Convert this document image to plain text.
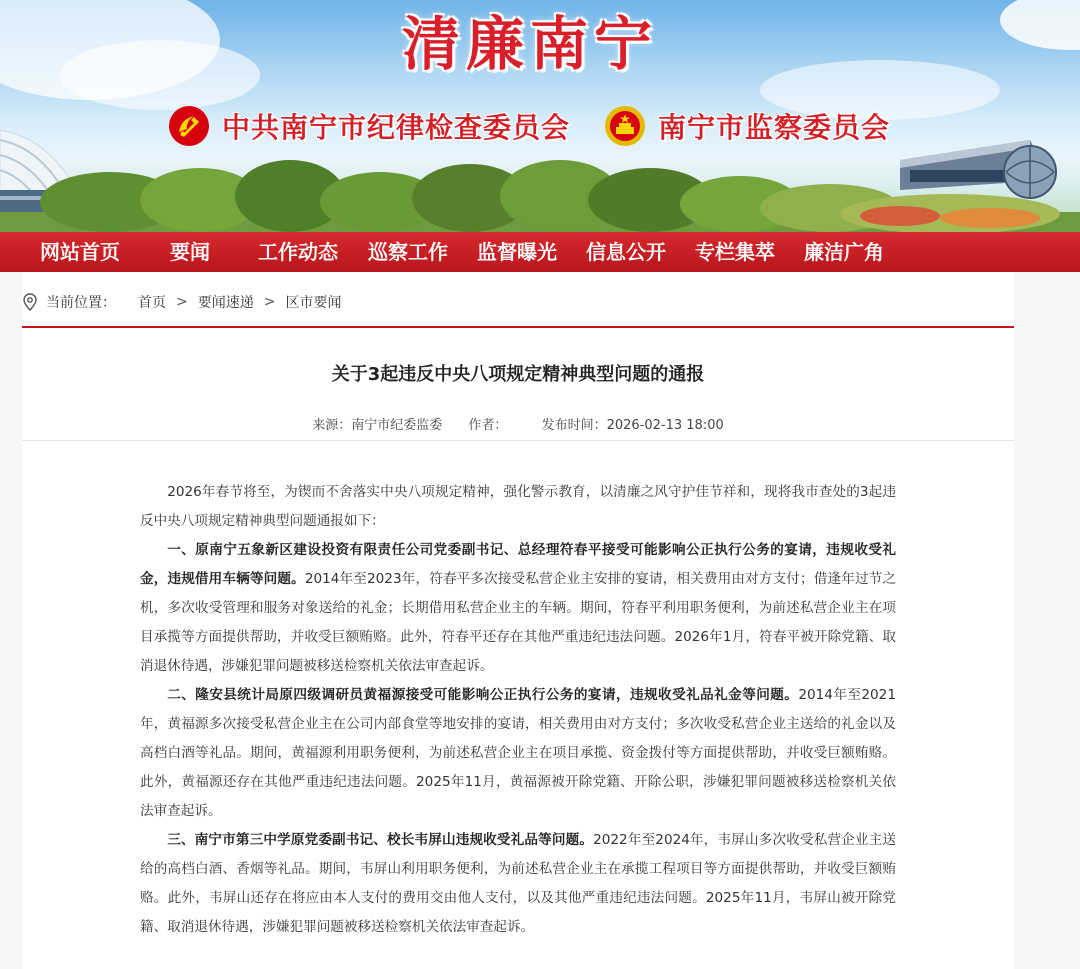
清廉南宁
中共南宁市纪律检查委员会	南宁市监察委员会
网站首页	要闻 工作动态 巡察工作 监督曝光 信息公开 专栏集萃 廉洁广角
当前位置： 首页 > 要闻速递 > 区市要闻
关于3起违反中央八项规定精神典型问题的通报
来源：南宁市纪委监委 作者：	发布时间：2026-02-13 18:00

2026年春节将至，为锲而不舍落实中央八项规定精神，强化警示教育，以清廉之风守护佳节祥和，现将我市查处的3起违反中央八项规定精神典型问题通报如下：

一、原南宁五象新区建设投资有限责任公司党委副书记、总经理符春平接受可能影响公正执行公务的宴请，违规收受礼金，违规借用车辆等问题。2014年至2023年，符春平多次接受私营企业主安排的宴请，相关费用由对方支付；借逢年过节之机，多次收受管理和服务对象送给的礼金；长期借用私营企业主的车辆。期间，符春平利用职务便利，为前述私营企业主在项目承揽等方面提供帮助，并收受巨额贿赂。此外，符春平还存在其他严重违纪违法问题。2026年1月，符春平被开除党籍、取消退休待遇，涉嫌犯罪问题被移送检察机关依法审查起诉。

二、隆安县统计局原四级调研员黄福源接受可能影响公正执行公务的宴请，违规收受礼品礼金等问题。2014年至2021年，黄福源多次接受私营企业主在公司内部食堂等地安排的宴请，相关费用由对方支付；多次收受私营企业主送给的礼金以及高档白酒等礼品。期间，黄福源利用职务便利，为前述私营企业主在项目承揽、资金拨付等方面提供帮助，并收受巨额贿赂。此外，黄福源还存在其他严重违纪违法问题。2025年11月，黄福源被开除党籍、开除公职，涉嫌犯罪问题被移送检察机关依法审查起诉。

三、南宁市第三中学原党委副书记、校长韦屏山违规收受礼品等问题。2022年至2024年，韦屏山多次收受私营企业主送给的高档白酒、香烟等礼品。期间，韦屏山利用职务便利，为前述私营企业主在承揽工程项目等方面提供帮助，并收受巨额贿赂。此外，韦屏山还存在将应由本人支付的费用交由他人支付，以及其他严重违纪违法问题。2025年11月，韦屏山被开除党籍、取消退休待遇，涉嫌犯罪问题被移送检察机关依法审查起诉。
